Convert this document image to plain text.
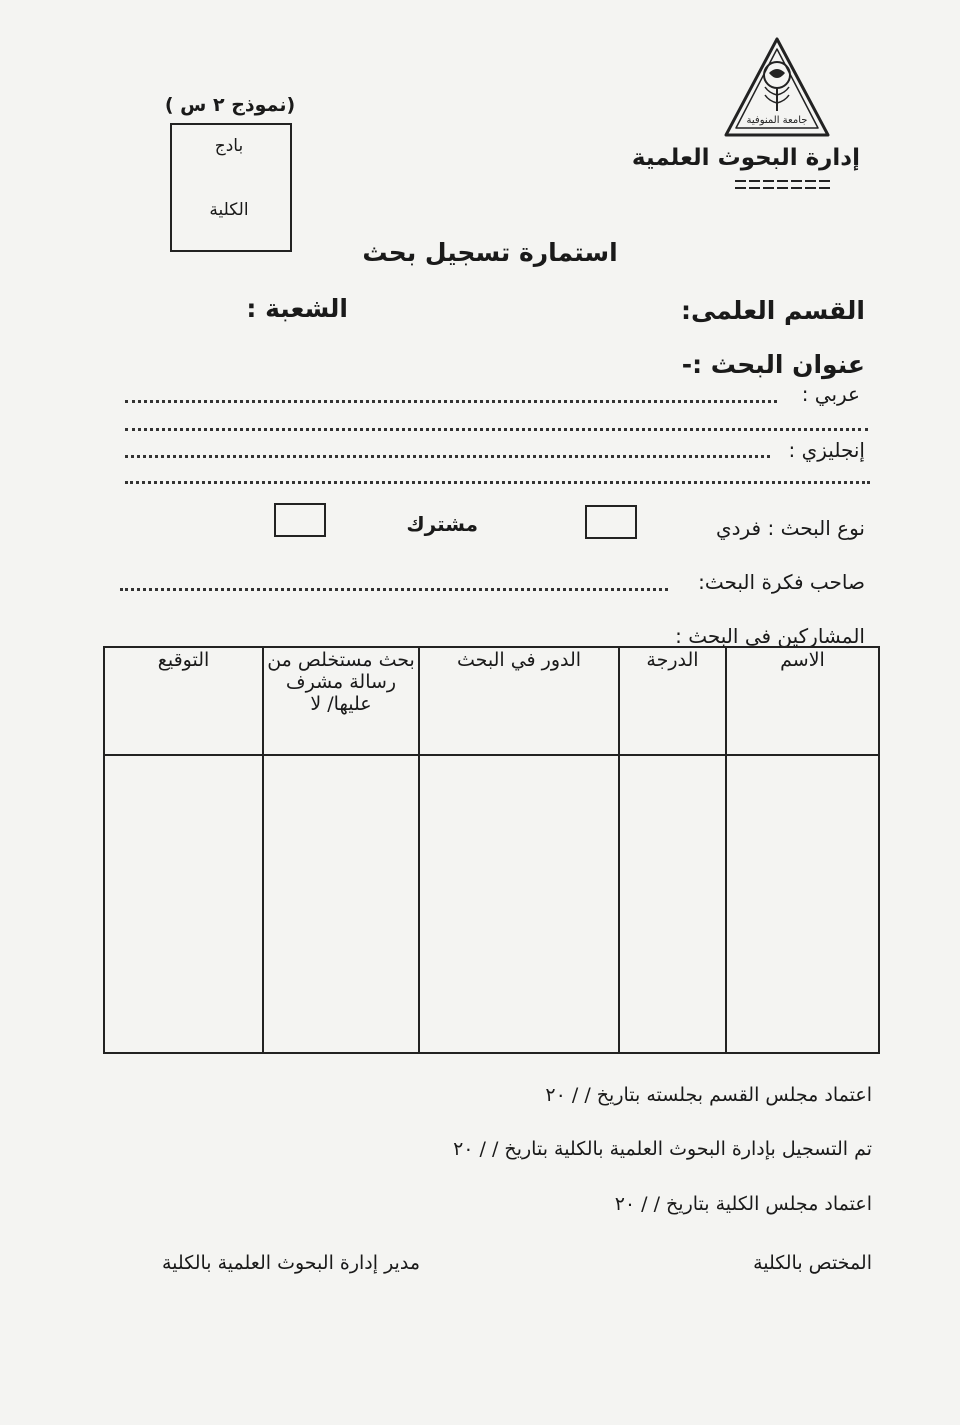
جامعة المنوفية
إدارة البحوث العلمية
(نموذج ٢ س )
بادج
الكلية
استمارة تسجيل بحث
القسم العلمى:
الشعبة :
عنوان البحث :-
عربي :
إنجليزي :
نوع البحث : فردي
مشترك
صاحب فكرة البحث:
المشاركين في البحث :
الاسم	الدرجة	الدور في البحث	بحث مستخلص من رسالة مشرف عليها/ لا	التوقيع

اعتماد مجلس القسم بجلسته بتاريخ / / ٢٠
تم التسجيل بإدارة البحوث العلمية بالكلية بتاريخ / / ٢٠
اعتماد مجلس الكلية بتاريخ / / ٢٠
المختص بالكلية
مدير إدارة البحوث العلمية بالكلية
